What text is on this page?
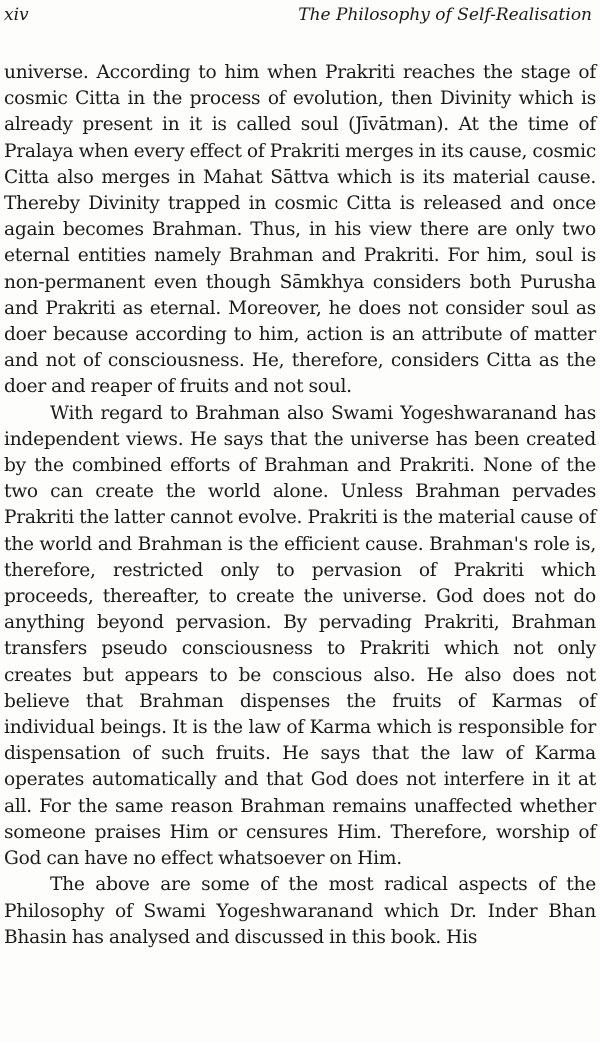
xiv	The Philosophy of Self-Realisation

universe. According to him when Prakriti reaches the stage of cosmic Citta in the process of evolution, then Divinity which is already present in it is called soul (Jīvātman). At the time of Pralaya when every effect of Prakriti merges in its cause, cosmic Citta also merges in Mahat Sāttva which is its material cause. Thereby Divinity trapped in cosmic Citta is released and once again becomes Brahman. Thus, in his view there are only two eternal entities namely Brahman and Prakriti. For him, soul is non-permanent even though Sāmkhya considers both Purusha and Prakriti as eternal. Moreover, he does not consider soul as doer because according to him, action is an attribute of matter and not of consciousness. He, therefore, considers Citta as the doer and reaper of fruits and not soul.

With regard to Brahman also Swami Yogeshwaranand has independent views. He says that the universe has been created by the combined efforts of Brahman and Prakriti. None of the two can create the world alone. Unless Brahman pervades Prakriti the latter cannot evolve. Prakriti is the material cause of the world and Brahman is the efficient cause. Brahman's role is, therefore, restricted only to pervasion of Prakriti which proceeds, thereafter, to create the universe. God does not do anything beyond pervasion. By pervading Prakriti, Brahman transfers pseudo consciousness to Prakriti which not only creates but appears to be conscious also. He also does not believe that Brahman dispenses the fruits of Karmas of individual beings. It is the law of Karma which is responsible for dispensation of such fruits. He says that the law of Karma operates automatically and that God does not interfere in it at all. For the same reason Brahman remains unaffected whether someone praises Him or censures Him. Therefore, worship of God can have no effect whatsoever on Him.

The above are some of the most radical aspects of the Philosophy of Swami Yogeshwaranand which Dr. Inder Bhan Bhasin has analysed and discussed in this book. His
